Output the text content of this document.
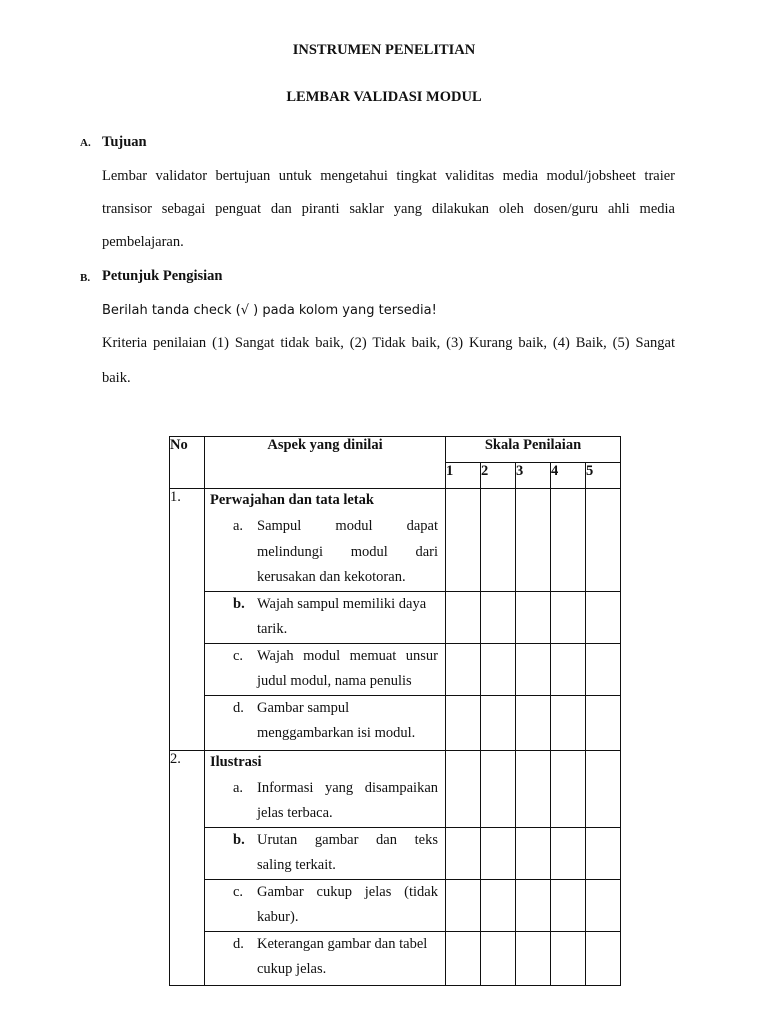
INSTRUMEN PENELITIAN
LEMBAR VALIDASI MODUL
A. Tujuan
Lembar validator bertujuan untuk mengetahui tingkat validitas media modul/jobsheet traier
transisor sebagai penguat dan piranti saklar yang dilakukan oleh dosen/guru ahli media
pembelajaran.
B. Petunjuk Pengisian
Berilah tanda check (√ ) pada kolom yang tersedia!
Kriteria penilaian (1) Sangat tidak baik, (2) Tidak baik, (3) Kurang baik, (4) Baik, (5) Sangat
baik.
No	Aspek yang dinilai	Skala Penilaian				
		1	2	3	4	5
1.	Perwajahan dan tata letak
a. Sampul modul dapat
melindungi modul dari
kerusakan dan kekotoran.					

	b. Wajah sampul memiliki daya
tarik.					

	c. Wajah modul memuat unsur
judul modul, nama penulis					

	d. Gambar sampul
menggambarkan isi modul.					

2.	Ilustrasi
a. Informasi yang disampaikan
jelas terbaca.					

	b. Urutan gambar dan teks
saling terkait.					

	c. Gambar cukup jelas (tidak
kabur).					

	d. Keterangan gambar dan tabel
cukup jelas.					
